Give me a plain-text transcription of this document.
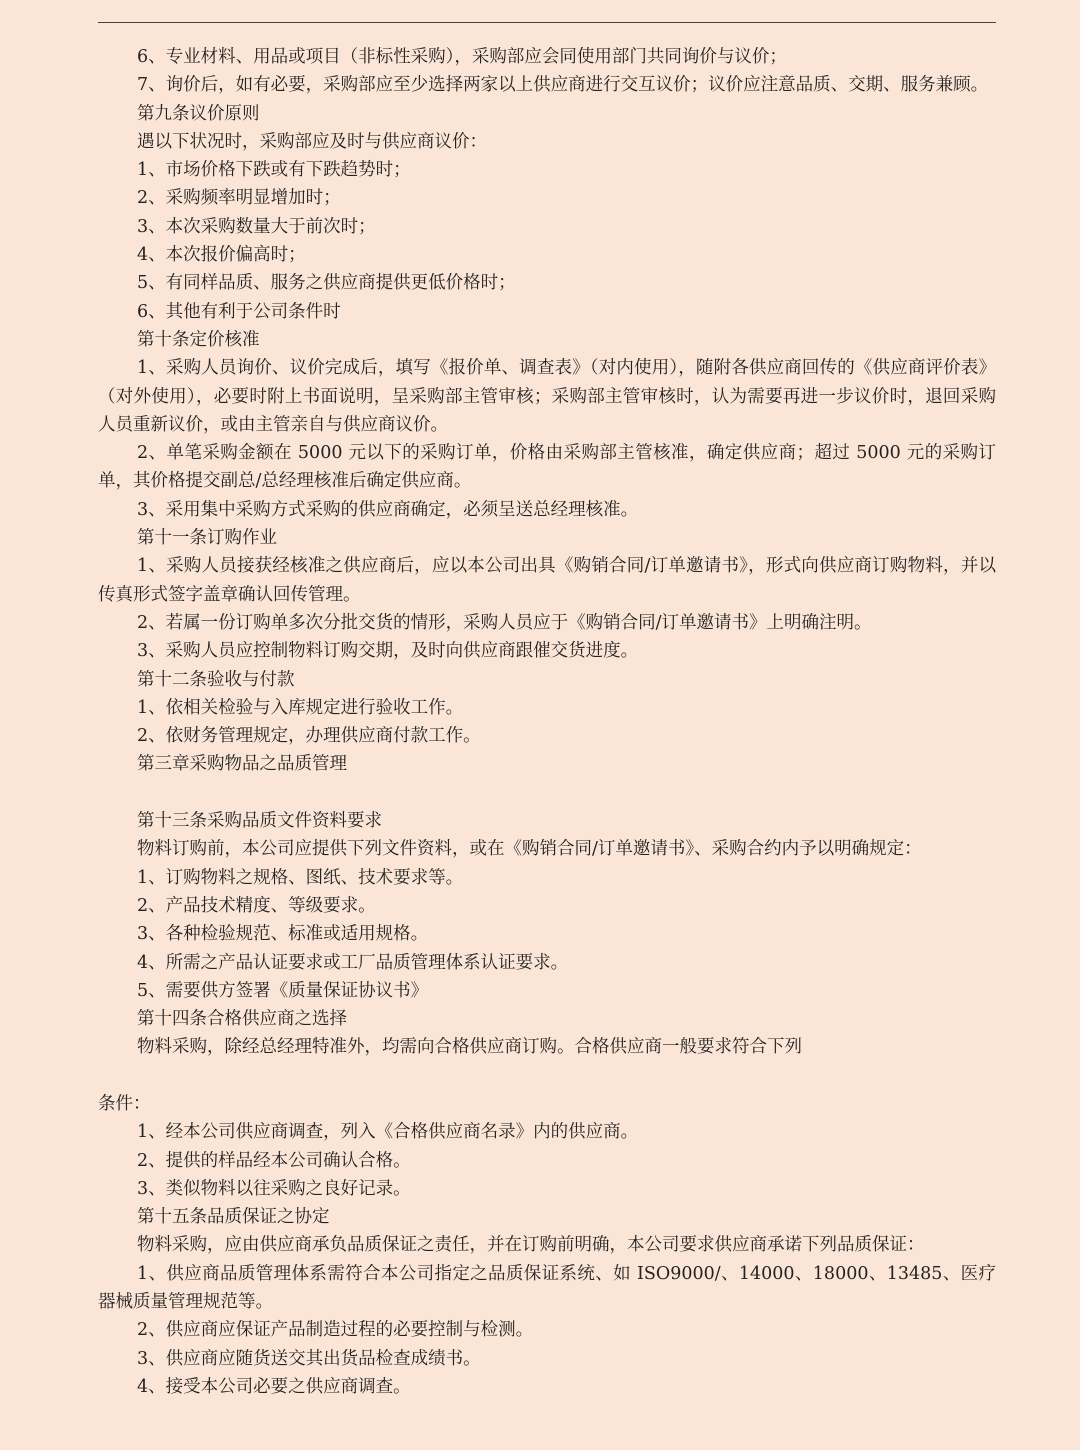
6、专业材料、用品或项目（非标性采购），采购部应会同使用部门共同询价与议价；

7、询价后，如有必要，采购部应至少选择两家以上供应商进行交互议价；议价应注意品质、交期、服务兼顾。

第九条议价原则

遇以下状况时，采购部应及时与供应商议价：

1、市场价格下跌或有下跌趋势时；

2、采购频率明显增加时；

3、本次采购数量大于前次时；

4、本次报价偏高时；

5、有同样品质、服务之供应商提供更低价格时；

6、其他有利于公司条件时

第十条定价核准

1、采购人员询价、议价完成后，填写《报价单、调查表》（对内使用），随附各供应商回传的《供应商评价表》（对外使用），必要时附上书面说明，呈采购部主管审核；采购部主管审核时，认为需要再进一步议价时，退回采购人员重新议价，或由主管亲自与供应商议价。

2、单笔采购金额在 5000 元以下的采购订单，价格由采购部主管核准，确定供应商；超过 5000 元的采购订单，其价格提交副总/总经理核准后确定供应商。

3、采用集中采购方式采购的供应商确定，必须呈送总经理核准。

第十一条订购作业

1、采购人员接获经核准之供应商后，应以本公司出具《购销合同/订单邀请书》，形式向供应商订购物料，并以传真形式签字盖章确认回传管理。

2、若属一份订购单多次分批交货的情形，采购人员应于《购销合同/订单邀请书》上明确注明。

3、采购人员应控制物料订购交期，及时向供应商跟催交货进度。

第十二条验收与付款

1、依相关检验与入库规定进行验收工作。

2、依财务管理规定，办理供应商付款工作。

第三章采购物品之品质管理

第十三条采购品质文件资料要求

物料订购前，本公司应提供下列文件资料，或在《购销合同/订单邀请书》、采购合约内予以明确规定：

1、订购物料之规格、图纸、技术要求等。

2、产品技术精度、等级要求。

3、各种检验规范、标准或适用规格。

4、所需之产品认证要求或工厂品质管理体系认证要求。

5、需要供方签署《质量保证协议书》

第十四条合格供应商之选择

物料采购，除经总经理特准外，均需向合格供应商订购。合格供应商一般要求符合下列

条件：

1、经本公司供应商调查，列入《合格供应商名录》内的供应商。

2、提供的样品经本公司确认合格。

3、类似物料以往采购之良好记录。

第十五条品质保证之协定

物料采购，应由供应商承负品质保证之责任，并在订购前明确，本公司要求供应商承诺下列品质保证：

1、供应商品质管理体系需符合本公司指定之品质保证系统、如 ISO9000/、14000、18000、13485、医疗器械质量管理规范等。

2、供应商应保证产品制造过程的必要控制与检测。

3、供应商应随货送交其出货品检查成绩书。

4、接受本公司必要之供应商调查。
